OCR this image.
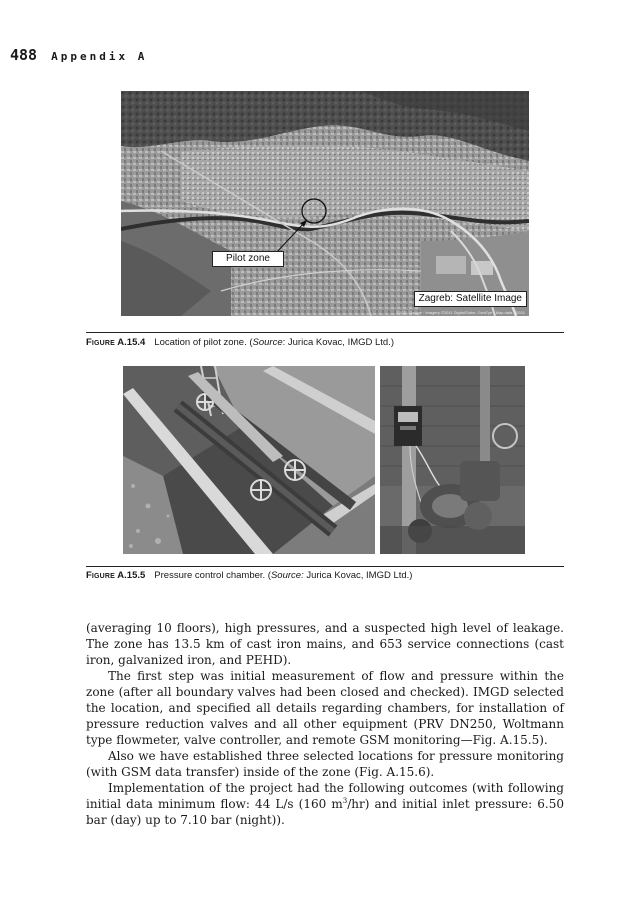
488 Appendix A
Pilot zone
Zagreb: Satellite Image
©2011 Google · Imagery ©2011 DigitalGlobe, GeoEye · Map data ©2011
FIGURE A.15.4 Location of pilot zone. (Source: Jurica Kovac, IMGD Ltd.)
FIGURE A.15.5 Pressure control chamber. (Source: Jurica Kovac, IMGD Ltd.)

(averaging 10 floors), high pressures, and a suspected high level of leakage. The zone has 13.5 km of cast iron mains, and 653 service connections (cast iron, galvanized iron, and PEHD).

The first step was initial measurement of flow and pressure within the zone (after all boundary valves had been closed and checked). IMGD selected the location, and specified all details regarding chambers, for installation of pressure reduction valves and all other equipment (PRV DN250, Woltmann type flowmeter, valve controller, and remote GSM monitoring—Fig. A.15.5).

Also we have established three selected locations for pressure monitoring (with GSM data transfer) inside of the zone (Fig. A.15.6).

Implementation of the project had the following outcomes (with following initial data minimum flow: 44 L/s (160 $m^3/hr$) and initial inlet pressure: 6.50 bar (day) up to 7.10 bar (night)).
